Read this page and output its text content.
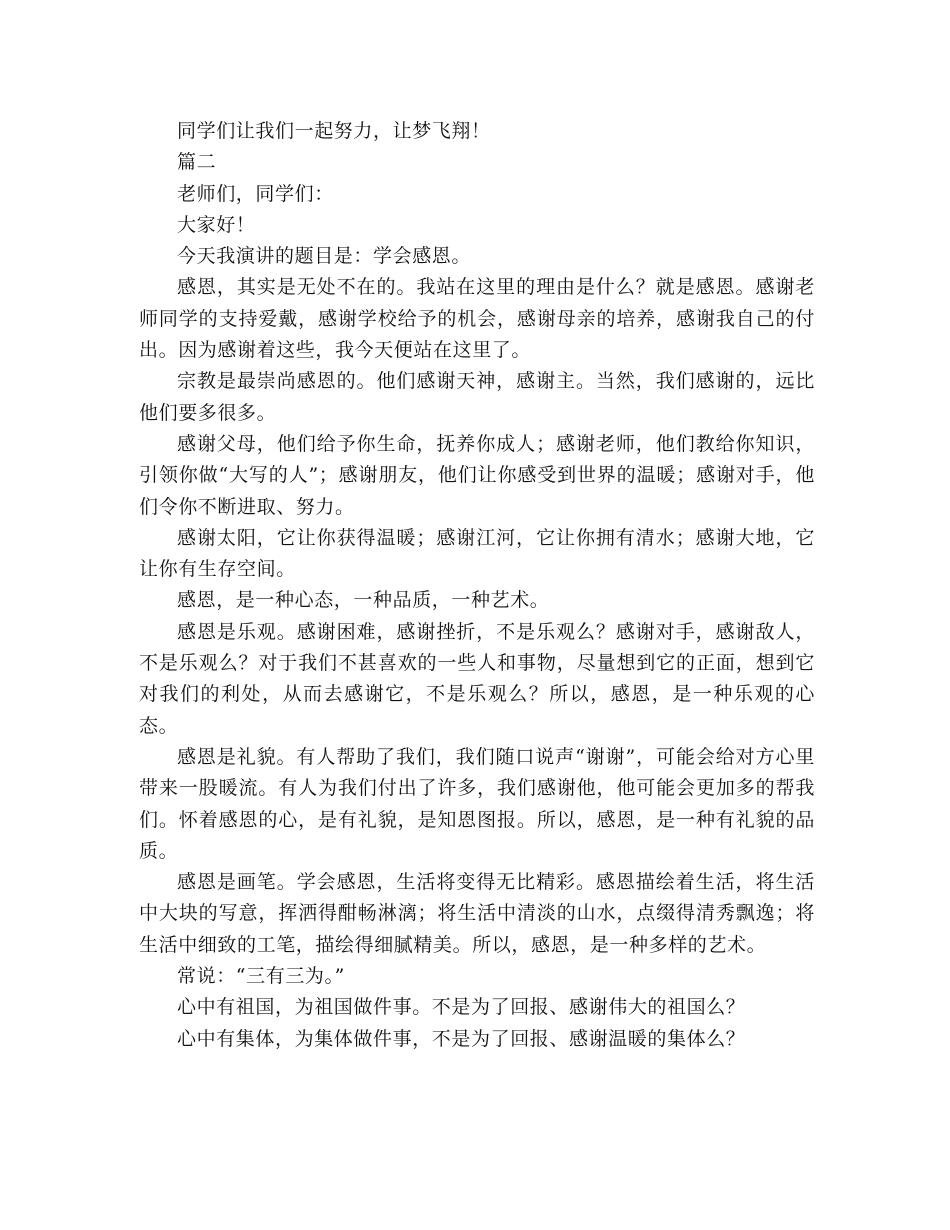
同学们让我们一起努力，让梦飞翔！

篇二

老师们，同学们：

大家好！

今天我演讲的题目是：学会感恩。

感恩，其实是无处不在的。我站在这里的理由是什么？就是感恩。感谢老师同学的支持爱戴，感谢学校给予的机会，感谢母亲的培养，感谢我自己的付出。因为感谢着这些，我今天便站在这里了。

宗教是最崇尚感恩的。他们感谢天神，感谢主。当然，我们感谢的，远比他们要多很多。

感谢父母，他们给予你生命，抚养你成人；感谢老师，他们教给你知识，引领你做“大写的人”；感谢朋友，他们让你感受到世界的温暖；感谢对手，他们令你不断进取、努力。

感谢太阳，它让你获得温暖；感谢江河，它让你拥有清水；感谢大地，它让你有生存空间。

感恩，是一种心态，一种品质，一种艺术。

感恩是乐观。感谢困难，感谢挫折，不是乐观么？感谢对手，感谢敌人，不是乐观么？对于我们不甚喜欢的一些人和事物，尽量想到它的正面，想到它对我们的利处，从而去感谢它，不是乐观么？所以，感恩，是一种乐观的心态。

感恩是礼貌。有人帮助了我们，我们随口说声“谢谢”，可能会给对方心里带来一股暖流。有人为我们付出了许多，我们感谢他，他可能会更加多的帮我们。怀着感恩的心，是有礼貌，是知恩图报。所以，感恩，是一种有礼貌的品质。

感恩是画笔。学会感恩，生活将变得无比精彩。感恩描绘着生活，将生活中大块的写意，挥洒得酣畅淋漓；将生活中清淡的山水，点缀得清秀飘逸；将生活中细致的工笔，描绘得细腻精美。所以，感恩，是一种多样的艺术。

常说：“三有三为。”

心中有祖国，为祖国做件事。不是为了回报、感谢伟大的祖国么？

心中有集体，为集体做件事，不是为了回报、感谢温暖的集体么？
